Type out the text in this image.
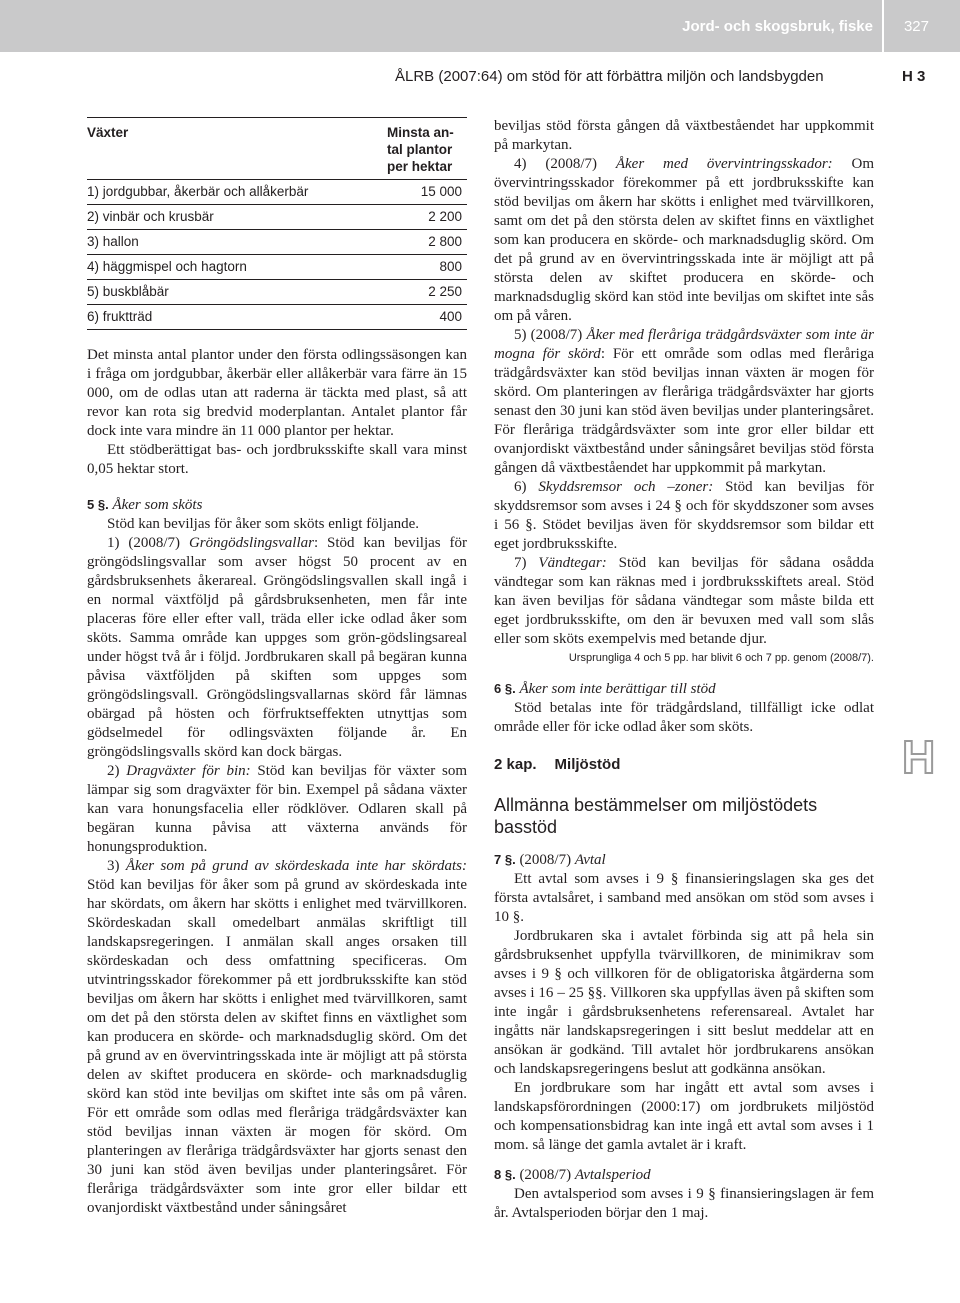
Jord- och skogsbruk, fiske 327
ÅLRB (2007:64) om stöd för att förbättra miljön och landsbygden	H 3
H
Växter	Minsta an-
tal plantor
per hektar

1) jordgubbar, åkerbär och allåkerbär	15 000
2) vinbär och krusbär	2 200
3) hallon	2 800
4) häggmispel och hagtorn	800
5) buskblåbär	2 250
6) fruktträd	400

Det minsta antal plantor under den första odlingssäsongen kan i fråga om jordgubbar, åkerbär eller allåkerbär vara färre än 15 000, om de odlas utan att raderna är täckta med plast, så att revor kan rota sig bredvid moderplantan. Antalet plantor får dock inte vara mindre än 11 000 plantor per hektar.

Ett stödberättigat bas- och jordbruksskifte skall vara minst 0,05 hektar stort.

5 §. Åker som sköts

Stöd kan beviljas för åker som sköts enligt följande.

1) (2008/7) Gröngödslingsvallar: Stöd kan beviljas för gröngödslingsvallar som avser högst 50 procent av en gårdsbruksenhets åkerareal. Gröngödslingsvallen skall ingå i en normal växtföljd på gårdsbruksenheten, men får inte placeras före eller efter vall, träda eller icke odlad åker som sköts. Samma område kan uppges som grön-gödslingsareal under högst två år i följd. Jordbrukaren skall på begäran kunna påvisa växtföljden på skiften som uppges som gröngödslingsvall. Gröngödslingsvallarnas skörd får lämnas obärgad på hösten och förfruktseffekten utnyttjas som gödselmedel för odlingsväxten följande år. En gröngödslingsvalls skörd kan dock bärgas.

2) Dragväxter för bin: Stöd kan beviljas för växter som lämpar sig som dragväxter för bin. Exempel på sådana växter kan vara honungsfacelia eller rödklöver. Odlaren skall på begäran kunna påvisa att växterna används för honungsproduktion.

3) Åker som på grund av skördeskada inte har skördats: Stöd kan beviljas för åker som på grund av skördeskada inte har skördats, om åkern har skötts i enlighet med tvärvillkoren. Skördeskadan skall omedelbart anmälas skriftligt till landskapsregeringen. I anmälan skall anges orsaken till skördeskadan och dess omfattning specificeras. Om utvintringsskador förekommer på ett jordbruksskifte kan stöd beviljas om åkern har skötts i enlighet med tvärvillkoren, samt om det på den största delen av skiftet finns en växtlighet som kan producera en skörde- och marknadsduglig skörd. Om det på grund av en övervintringsskada inte är möjligt att på största delen av skiftet producera en skörde- och marknadsduglig skörd kan stöd inte beviljas om skiftet inte sås om på våren. För ett område som odlas med fleråriga trädgårdsväxter kan stöd beviljas innan växten är mogen för skörd. Om planteringen av fleråriga trädgårdsväxter har gjorts senast den 30 juni kan stöd även beviljas under planteringsåret. För fleråriga trädgårdsväxter som inte gror eller bildar ett ovanjordiskt växtbestånd under såningsåret

beviljas stöd första gången då växtbeståendet har uppkommit på markytan.

4) (2008/7) Åker med övervintringsskador: Om övervintringsskador förekommer på ett jordbruksskifte kan stöd beviljas om åkern har skötts i enlighet med tvärvillkoren, samt om det på den största delen av skiftet finns en växtlighet som kan producera en skörde- och marknadsduglig skörd. Om det på grund av en övervintringsskada inte är möjligt att på största delen av skiftet producera en skörde- och marknadsduglig skörd kan stöd inte beviljas om skiftet inte sås om på våren.

5) (2008/7) Åker med fleråriga trädgårdsväxter som inte är mogna för skörd: För ett område som odlas med fleråriga trädgårdsväxter kan stöd beviljas innan växten är mogen för skörd. Om planteringen av fleråriga trädgårdsväxter har gjorts senast den 30 juni kan stöd även beviljas under planteringsåret. För fleråriga trädgårdsväxter som inte gror eller bildar ett ovanjordiskt växtbestånd under såningsåret beviljas stöd första gången då växtbeståendet har uppkommit på markytan.

6) Skyddsremsor och –zoner: Stöd kan beviljas för skyddsremsor som avses i 24 § och för skyddszoner som avses i 56 §. Stödet beviljas även för skyddsremsor som bildar ett eget jordbruksskifte.

7) Vändtegar: Stöd kan beviljas för sådana osådda vändtegar som kan räknas med i jordbruksskiftets areal. Stöd kan även beviljas för sådana vändtegar som måste bilda ett eget jordbruksskifte, om den är bevuxen med vall som slås eller som sköts exempelvis med betande djur.

Ursprungliga 4 och 5 pp. har blivit 6 och 7 pp. genom (2008/7).

6 §. Åker som inte berättigar till stöd

Stöd betalas inte för trädgårdsland, tillfälligt icke odlat område eller för icke odlad åker som sköts.

2 kap. Miljöstöd
Allmänna bestämmelser om miljöstödets basstöd

7 §. (2008/7) Avtal

Ett avtal som avses i 9 § finansieringslagen ska ges det första avtalsåret, i samband med ansökan om stöd som avses i 10 §.

Jordbrukaren ska i avtalet förbinda sig att på hela sin gårdsbruksenhet uppfylla tvärvillkoren, de minimikrav som avses i 9 § och villkoren för de obligatoriska åtgärderna som avses i 16 – 25 §§. Villkoren ska uppfyllas även på skiften som inte ingår i gårdsbruksenhetens referensareal. Avtalet har ingåtts när landskapsregeringen i sitt beslut meddelar att en ansökan är godkänd. Till avtalet hör jordbrukarens ansökan och landskapsregeringens beslut att godkänna ansökan.

En jordbrukare som har ingått ett avtal som avses i landskapsförordningen (2000:17) om jordbrukets miljöstöd och kompensationsbidrag kan inte ingå ett avtal som avses i 1 mom. så länge det gamla avtalet är i kraft.

8 §. (2008/7) Avtalsperiod

Den avtalsperiod som avses i 9 § finansieringslagen är fem år. Avtalsperioden börjar den 1 maj.
